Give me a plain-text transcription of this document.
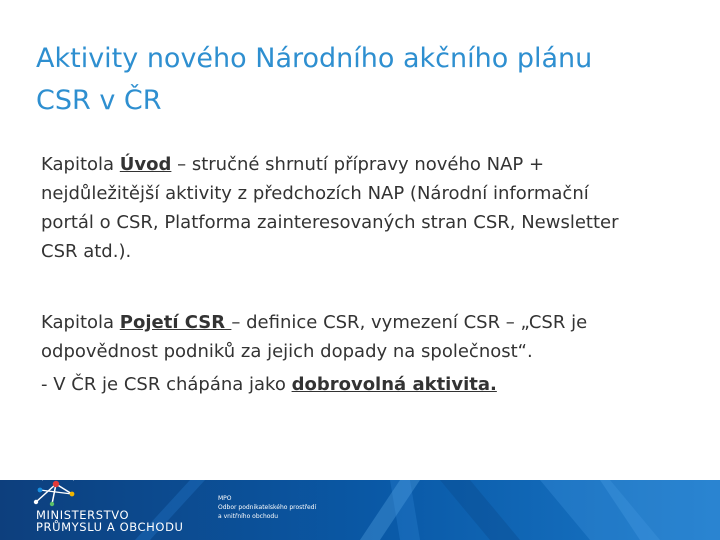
Aktivity nového Národního akčního plánu
CSR v ČR

Kapitola Úvod – stručné shrnutí přípravy nového NAP +
nejdůležitější aktivity z předchozích NAP (Národní informační
portál o CSR, Platforma zainteresovaných stran CSR, Newsletter
CSR atd.).

Kapitola Pojetí CSR – definice CSR, vymezení CSR – „CSR je
odpovědnost podniků za jejich dopady na společnost“.

- V ČR je CSR chápána jako dobrovolná aktivita.

MINISTERSTVO
PRŮMYSLU A OBCHODU
MPO
Odbor podnikatelského prostředí
a vnitřního obchodu
